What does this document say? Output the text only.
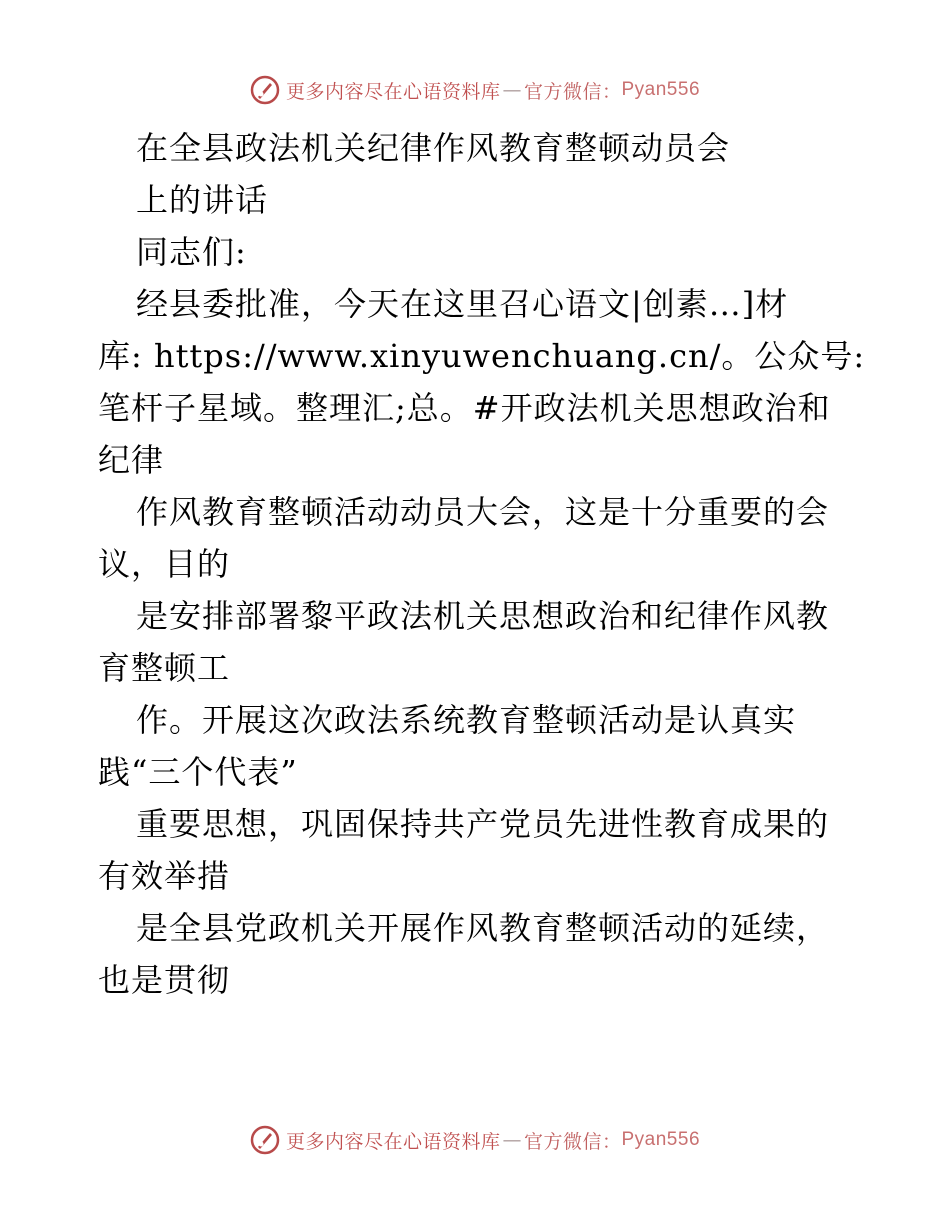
更多内容尽在心语资料库 — 官方微信： Pyan556
在全县政法机关纪律作风教育整顿动员会
上的讲话
同志们:
经县委批准，今天在这里召心语文|创素…]材
库: https://www.xinyuwenchuang.cn/。公众号:
笔杆子星域。整理汇;总。#开政法机关思想政治和
纪律
作风教育整顿活动动员大会，这是十分重要的会
议，目的
是安排部署黎平政法机关思想政治和纪律作风教
育整顿工
作。开展这次政法系统教育整顿活动是认真实
践“三个代表”
重要思想，巩固保持共产党员先进性教育成果的
有效举措
是全县党政机关开展作风教育整顿活动的延续，
也是贯彻
更多内容尽在心语资料库 — 官方微信： Pyan556
